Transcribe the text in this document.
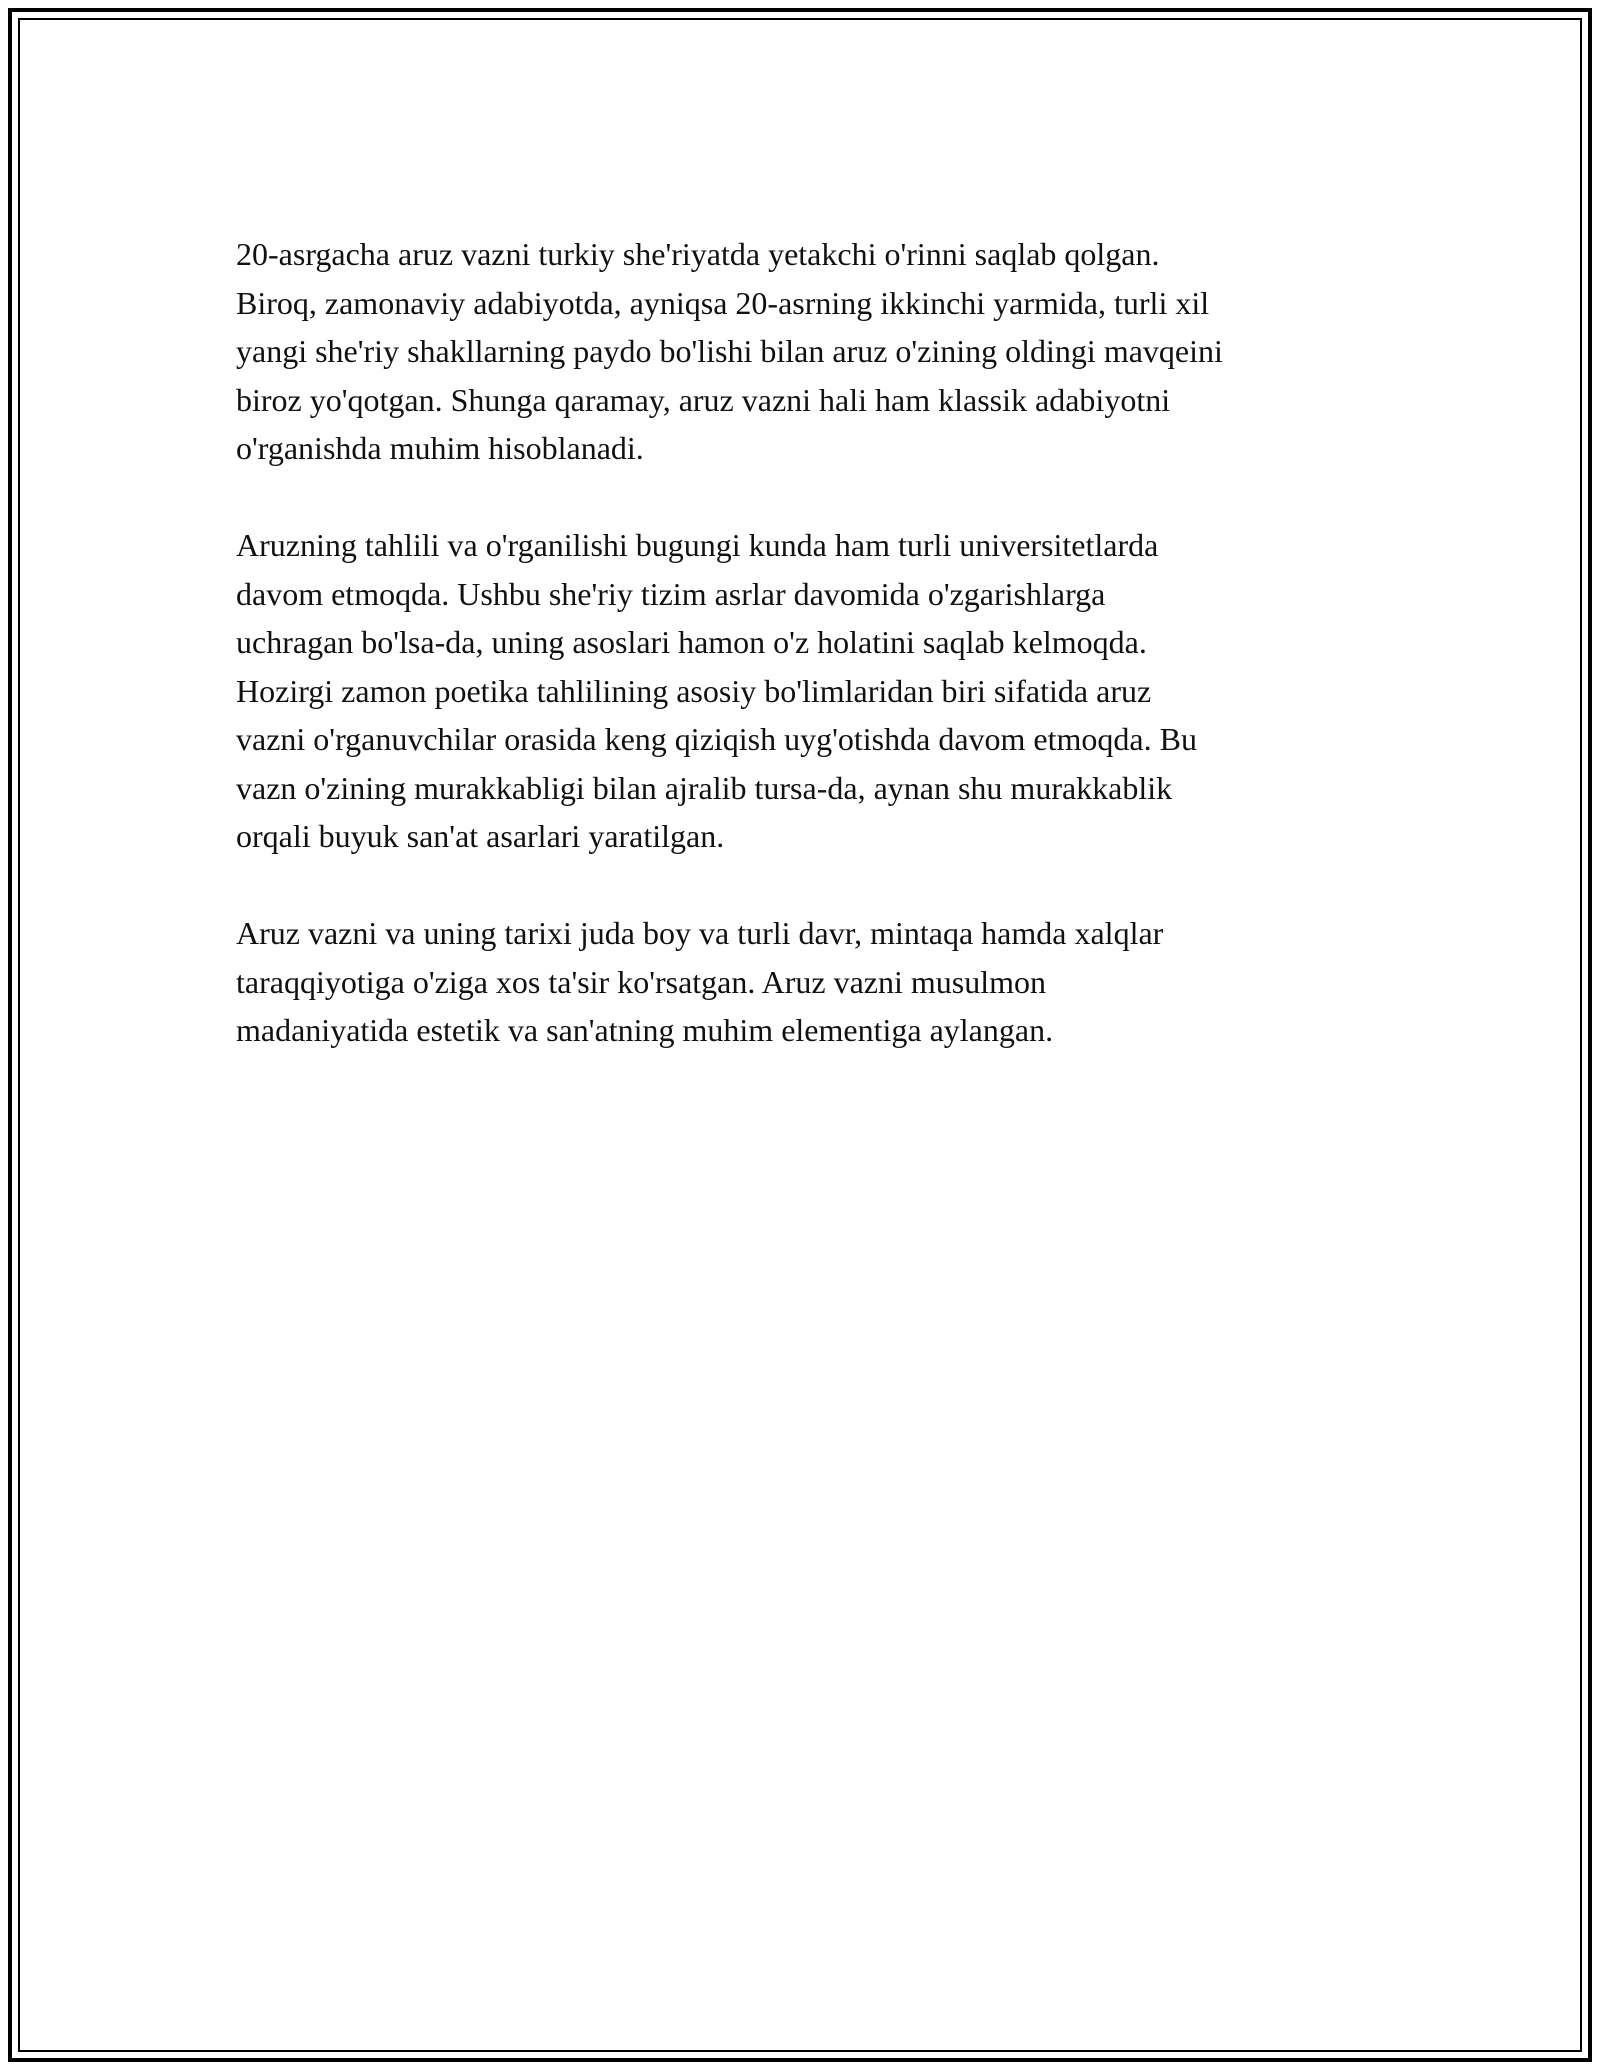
20-asrgacha aruz vazni turkiy she'riyatda yetakchi o'rinni saqlab qolgan.
Biroq, zamonaviy adabiyotda, ayniqsa 20-asrning ikkinchi yarmida, turli xil
yangi she'riy shakllarning paydo bo'lishi bilan aruz o'zining oldingi mavqeini
biroz yo'qotgan. Shunga qaramay, aruz vazni hali ham klassik adabiyotni
o'rganishda muhim hisoblanadi.

Aruzning tahlili va o'rganilishi bugungi kunda ham turli universitetlarda
davom etmoqda. Ushbu she'riy tizim asrlar davomida o'zgarishlarga
uchragan bo'lsa-da, uning asoslari hamon o'z holatini saqlab kelmoqda.
Hozirgi zamon poetika tahlilining asosiy bo'limlaridan biri sifatida aruz
vazni o'rganuvchilar orasida keng qiziqish uyg'otishda davom etmoqda. Bu
vazn o'zining murakkabligi bilan ajralib tursa-da, aynan shu murakkablik
orqali buyuk san'at asarlari yaratilgan.

Aruz vazni va uning tarixi juda boy va turli davr, mintaqa hamda xalqlar
taraqqiyotiga o'ziga xos ta'sir ko'rsatgan. Aruz vazni musulmon
madaniyatida estetik va san'atning muhim elementiga aylangan.
